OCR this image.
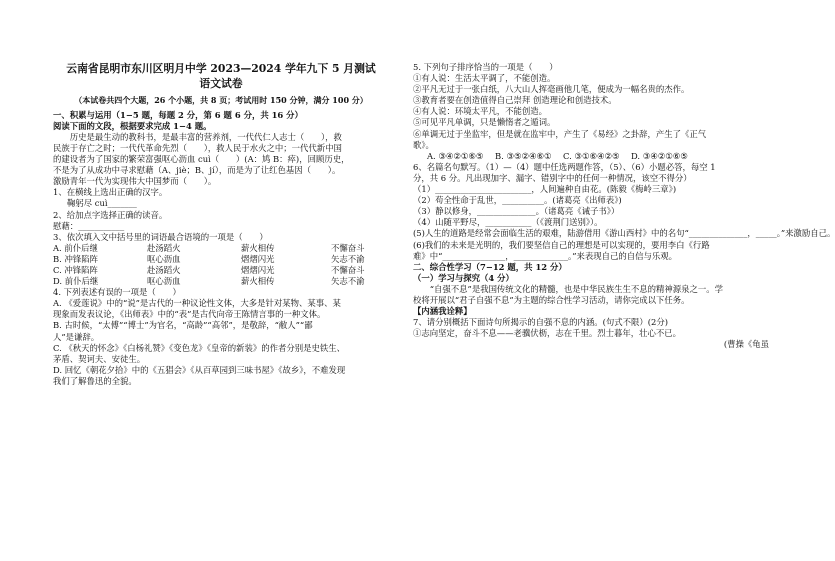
云南省昆明市东川区明月中学 2023—2024 学年九下 5 月测试
语文试卷
（本试卷共四个大题，26 个小题，共 8 页；考试用时 150 分钟，满分 100 分）
一、积累与运用（1−5 题，每题 2 分，第 6 题 6 分，共 16 分）
阅读下面的文段，根据要求完成 1−4 题。
　　历史是最生动的教科书，是最丰富的营养剂，一代代仁人志士（　　），救
民族于存亡之时；一代代革命先烈（　　），救人民于水火之中；一代代新中国
的建设者为了国家的繁荣富强呕心沥血 cuì（　　）(A：鸠 B：瘁)，回顾历史，
不是为了从成功中寻求慰藉（A、jiè；B、jí），而是为了让红色基因（　　）。
激励青年一代为实现伟大中国梦而（　　）。
1、在横线上选出正确的汉字。
鞠躬尽 cuì_______
2、给加点字选择正确的读音。
慰藉：___________
3、依次填入文中括号里的词语最合语境的一项是（　　）
A. 前仆后继	赴汤蹈火	薪火相传	不懈奋斗
B. 冲锋陷阵	呕心沥血	熠熠闪光	矢志不渝
C. 冲锋陷阵	赴汤蹈火	熠熠闪光	不懈奋斗
D. 前仆后继	呕心沥血	薪火相传	矢志不渝
4. 下列表述有误的一项是（　　）
A. 《爱莲说》中的“说”是古代的一种议论性文体，大多是针对某物、某事、某
现象而发表议论，《出师表》中的“表”是古代向帝王陈情言事的一种文体。
B. 古时候，“太傅”“博士”为官名，“高龄”“高邻”，是敬辞，“敝人”“鄙
人”是谦辞。
C. 《秋天的怀念》《白杨礼赞》《变色龙》《皇帝的新装》的作者分别是史铁生、
茅盾、契诃夫、安徒生。
D. 回忆《朝花夕拾》中的《五猖会》《从百草园到三味书屋》《故乡》，不难发现
我们了解鲁迅的全貌。
5. 下列句子排序恰当的一项是（　　）
①有人说：生活太平调了，不能创造。
②平凡无过于一张白纸，八大山人挥毫画他几笔，便成为一幅名贵的杰作。
③教育者要在创造值得自己崇拜 创造理论和创造技术。
④有人说：环境太平凡，不能创造。
⑤可见平凡单调，只是懒惰者之遁词。
⑥单调无过于坐监牢，但是就在监牢中，产生了《易经》之卦辞，产生了《正气
歌》。
A. ③④②①⑥⑤	B. ③⑤②④⑥①	C. ③①⑥④②⑤	D. ③④②①⑥⑤
6、名篇名句默写。（1）—（4）题中任选两题作答，（5）、（6）小题必答，每空 1
分，共 6 分。凡出现加字、漏字、错别字中的任何一种情况，该空不得分）
（1）_______________________，人间遍种自由花。(陈毅《梅岭三章》)
（2）苟全性命于乱世，__________。(诸葛亮《出师表》)
（3）静以修身，______________。（诸葛亮《诫子书》）
（4）山随平野尽，___________（《渡荆门送别》）。
(5)人生的道路是经常会面临生活的艰难，陆游借用《游山西村》中的名句“______________，_____。”来激励自己。
(6)我们的未来是光明的，我们要坚信自己的理想是可以实现的，要用李白《行路
难》中“_______________，_____________。”来表现自己的自信与乐观。
二、综合性学习（7−12 题，共 12 分）
（一）学习与探究（4 分）
　　“自强不息”是我国传统文化的精髓，也是中华民族生生不息的精神源泉之一。学
校将开展以“君子自强不息”为主题的综合性学习活动，请你完成以下任务。
【内涵我诠释】
7、请分别概括下面诗句所揭示的自强不息的内涵。(句式不限）(2分)
①志向坚定，奋斗不息——老骥伏枥，志在千里。烈士暮年，壮心不已。
(曹操《龟虽
